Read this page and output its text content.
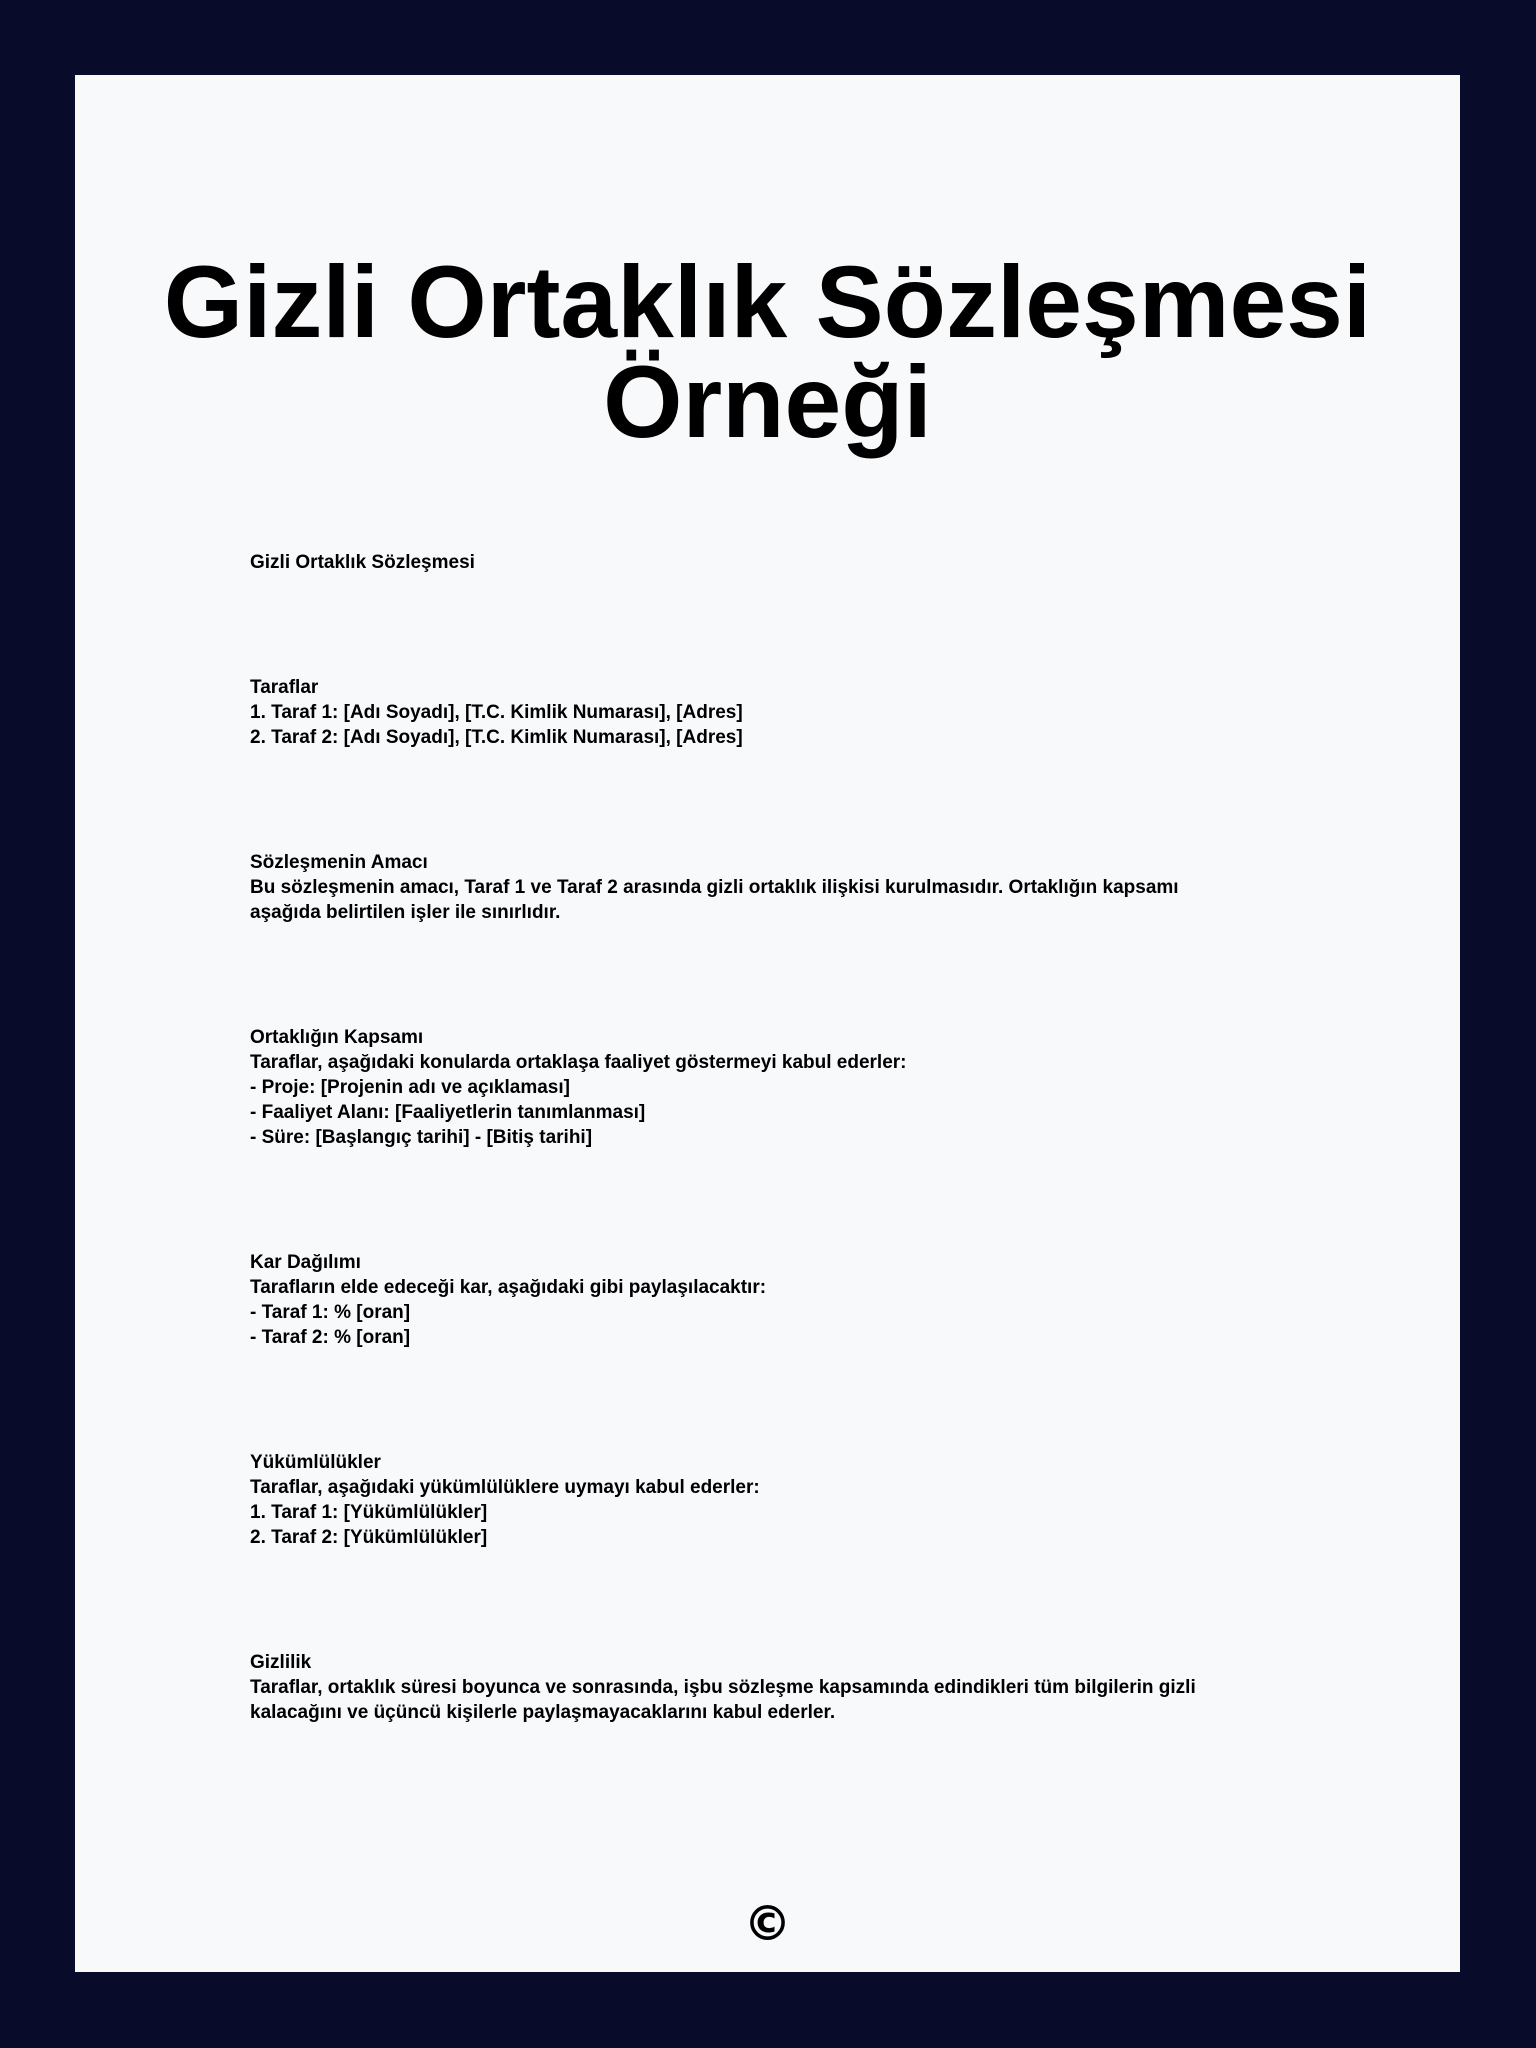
Gizli Ortaklık Sözleşmesi
Örneği
Gizli Ortaklık Sözleşmesi
Taraflar
1. Taraf 1: [Adı Soyadı], [T.C. Kimlik Numarası], [Adres]
2. Taraf 2: [Adı Soyadı], [T.C. Kimlik Numarası], [Adres]
Sözleşmenin Amacı
Bu sözleşmenin amacı, Taraf 1 ve Taraf 2 arasında gizli ortaklık ilişkisi kurulmasıdır. Ortaklığın kapsamı
aşağıda belirtilen işler ile sınırlıdır.
Ortaklığın Kapsamı
Taraflar, aşağıdaki konularda ortaklaşa faaliyet göstermeyi kabul ederler:
- Proje: [Projenin adı ve açıklaması]
- Faaliyet Alanı: [Faaliyetlerin tanımlanması]
- Süre: [Başlangıç tarihi] - [Bitiş tarihi]
Kar Dağılımı
Tarafların elde edeceği kar, aşağıdaki gibi paylaşılacaktır:
- Taraf 1: % [oran]
- Taraf 2: % [oran]
Yükümlülükler
Taraflar, aşağıdaki yükümlülüklere uymayı kabul ederler:
1. Taraf 1: [Yükümlülükler]
2. Taraf 2: [Yükümlülükler]
Gizlilik
Taraflar, ortaklık süresi boyunca ve sonrasında, işbu sözleşme kapsamında edindikleri tüm bilgilerin gizli
kalacağını ve üçüncü kişilerle paylaşmayacaklarını kabul ederler.
©
